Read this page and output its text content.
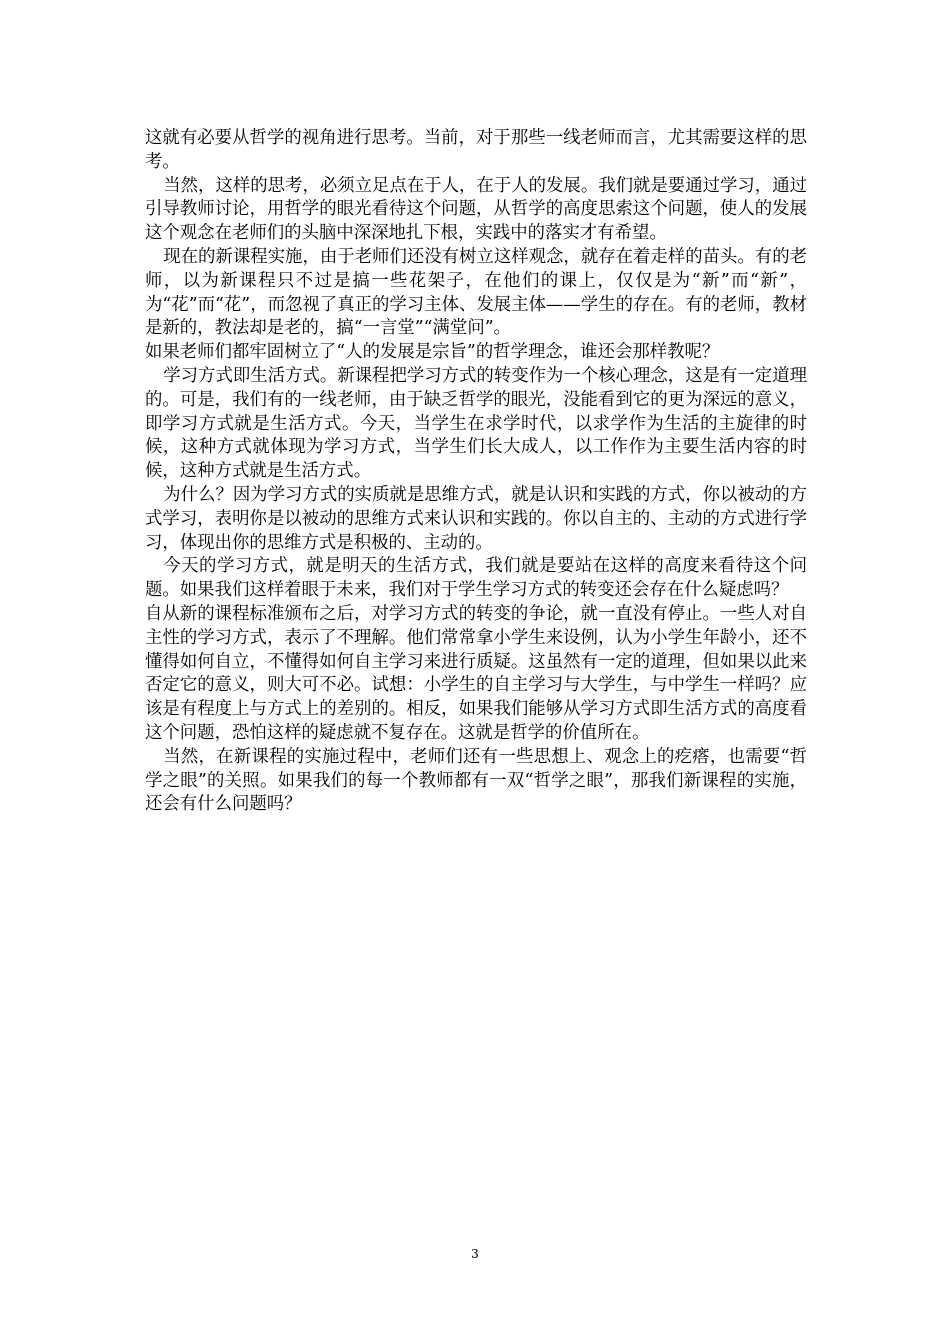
这就有必要从哲学的视角进行思考。当前，对于那些一线老师而言，尤其需要这样的思考。

当然，这样的思考，必须立足点在于人，在于人的发展。我们就是要通过学习，通过引导教师讨论，用哲学的眼光看待这个问题，从哲学的高度思索这个问题，使人的发展这个观念在老师们的头脑中深深地扎下根，实践中的落实才有希望。

现在的新课程实施，由于老师们还没有树立这样观念，就存在着走样的苗头。有的老师，以为新课程只不过是搞一些花架子，在他们的课上，仅仅是为“新”而“新”，为“花”而“花”，而忽视了真正的学习主体、发展主体——学生的存在。有的老师，教材是新的，教法却是老的，搞“一言堂”“满堂问”。

如果老师们都牢固树立了“人的发展是宗旨”的哲学理念，谁还会那样教呢？

学习方式即生活方式。新课程把学习方式的转变作为一个核心理念，这是有一定道理的。可是，我们有的一线老师，由于缺乏哲学的眼光，没能看到它的更为深远的意义，即学习方式就是生活方式。今天，当学生在求学时代，以求学作为生活的主旋律的时候，这种方式就体现为学习方式，当学生们长大成人，以工作作为主要生活内容的时候，这种方式就是生活方式。

为什么？因为学习方式的实质就是思维方式，就是认识和实践的方式，你以被动的方式学习，表明你是以被动的思维方式来认识和实践的。你以自主的、主动的方式进行学习，体现出你的思维方式是积极的、主动的。

今天的学习方式，就是明天的生活方式，我们就是要站在这样的高度来看待这个问题。如果我们这样着眼于未来，我们对于学生学习方式的转变还会存在什么疑虑吗？

自从新的课程标准颁布之后，对学习方式的转变的争论，就一直没有停止。一些人对自主性的学习方式，表示了不理解。他们常常拿小学生来设例，认为小学生年龄小，还不懂得如何自立，不懂得如何自主学习来进行质疑。这虽然有一定的道理，但如果以此来否定它的意义，则大可不必。试想：小学生的自主学习与大学生，与中学生一样吗？应该是有程度上与方式上的差别的。相反，如果我们能够从学习方式即生活方式的高度看这个问题，恐怕这样的疑虑就不复存在。这就是哲学的价值所在。

当然，在新课程的实施过程中，老师们还有一些思想上、观念上的疙瘩，也需要“哲学之眼”的关照。如果我们的每一个教师都有一双“哲学之眼”，那我们新课程的实施，还会有什么问题吗？

3
